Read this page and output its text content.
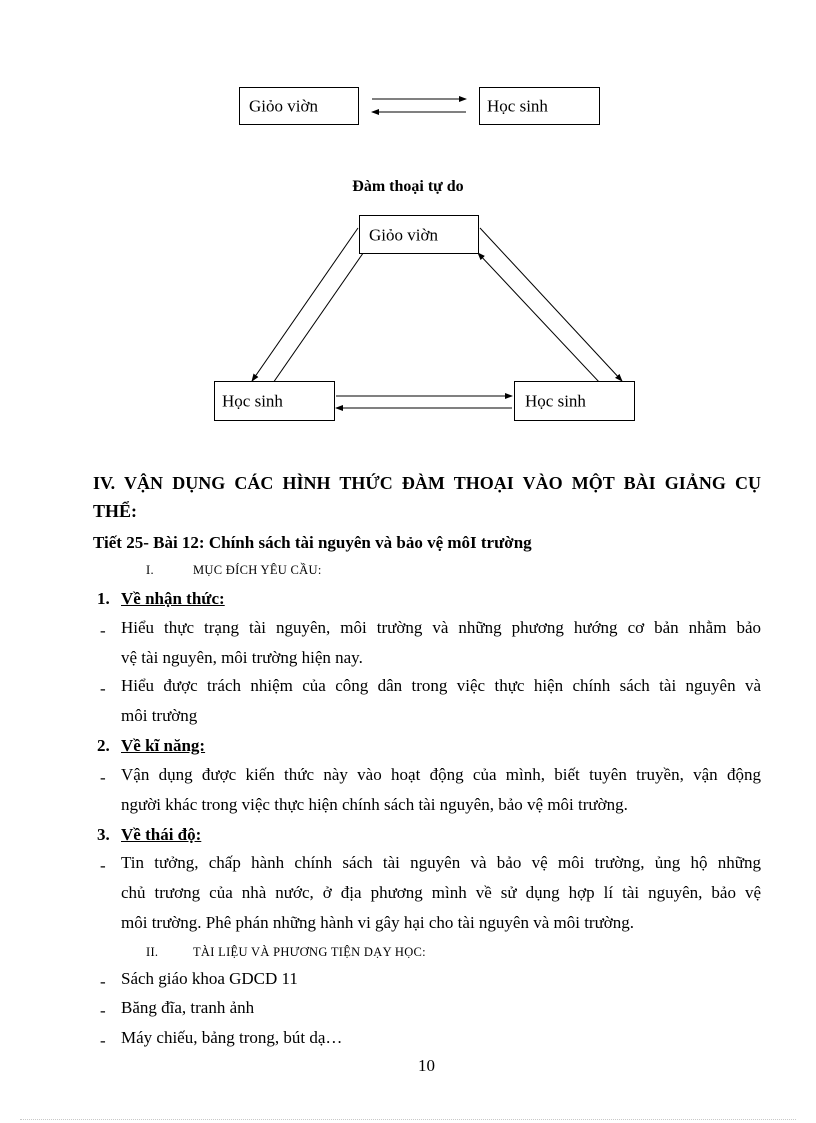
Giỏo viờn	Học sinh
Đàm thoại tự do
Giỏo viờn
Học sinh	Học sinh
IV. VẬN DỤNG CÁC HÌNH THỨC ĐÀM THOẠI VÀO MỘT BÀI GIẢNG CỤ
THỂ:
Tiết 25- Bài 12: Chính sách tài nguyên và bảo vệ môI trường
I.	MỤC ĐÍCH YÊU CẦU:
1. Về nhận thức:
- Hiểu thực trạng tài nguyên, môi trường và những phương hướng cơ bản nhằm bảo
vệ tài nguyên, môi trường hiện nay.
- Hiểu được trách nhiệm của công dân trong việc thực hiện chính sách tài nguyên và
môi trường
2. Về kĩ năng:
- Vận dụng được kiến thức này vào hoạt động của mình, biết tuyên truyền, vận động
người khác trong việc thực hiện chính sách tài nguyên, bảo vệ môi trường.
3. Về thái độ:
- Tin tưởng, chấp hành chính sách tài nguyên và bảo vệ môi trường, ủng hộ những
chủ trương của nhà nước, ở địa phương mình về sử dụng hợp lí tài nguyên, bảo vệ
môi trường. Phê phán những hành vi gây hại cho tài nguyên và môi trường.
II.	TÀI LIỆU VÀ PHƯƠNG TIỆN DẠY HỌC:
- Sách giáo khoa GDCD 11
- Băng đĩa, tranh ảnh
- Máy chiếu, bảng trong, bút dạ…
10
